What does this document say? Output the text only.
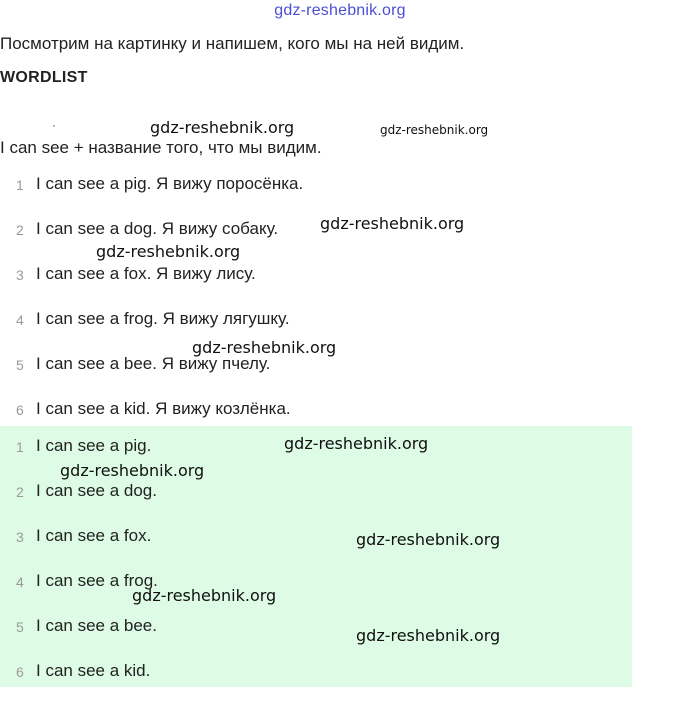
gdz-reshebnik.org
Посмотрим на картинку и напишем, кого мы на ней видим.
WORDLIST
·
I can see + название того, что мы видим.
1 I can see a pig. Я вижу поросёнка.
2 I can see a dog. Я вижу собаку.
3 I can see a fox. Я вижу лису.
4 I can see a frog. Я вижу лягушку.
5 I can see a bee. Я вижу пчелу.
6 I can see a kid. Я вижу козлёнка.
1 I can see a pig.
2 I can see a dog.
3 I can see a fox.
4 I can see a frog.
5 I can see a bee.
6 I can see a kid.
gdz-reshebnik.org	gdz-reshebnik.org
gdz-reshebnik.org
gdz-reshebnik.org
gdz-reshebnik.org
gdz-reshebnik.org
gdz-reshebnik.org
gdz-reshebnik.org
gdz-reshebnik.org
gdz-reshebnik.org
